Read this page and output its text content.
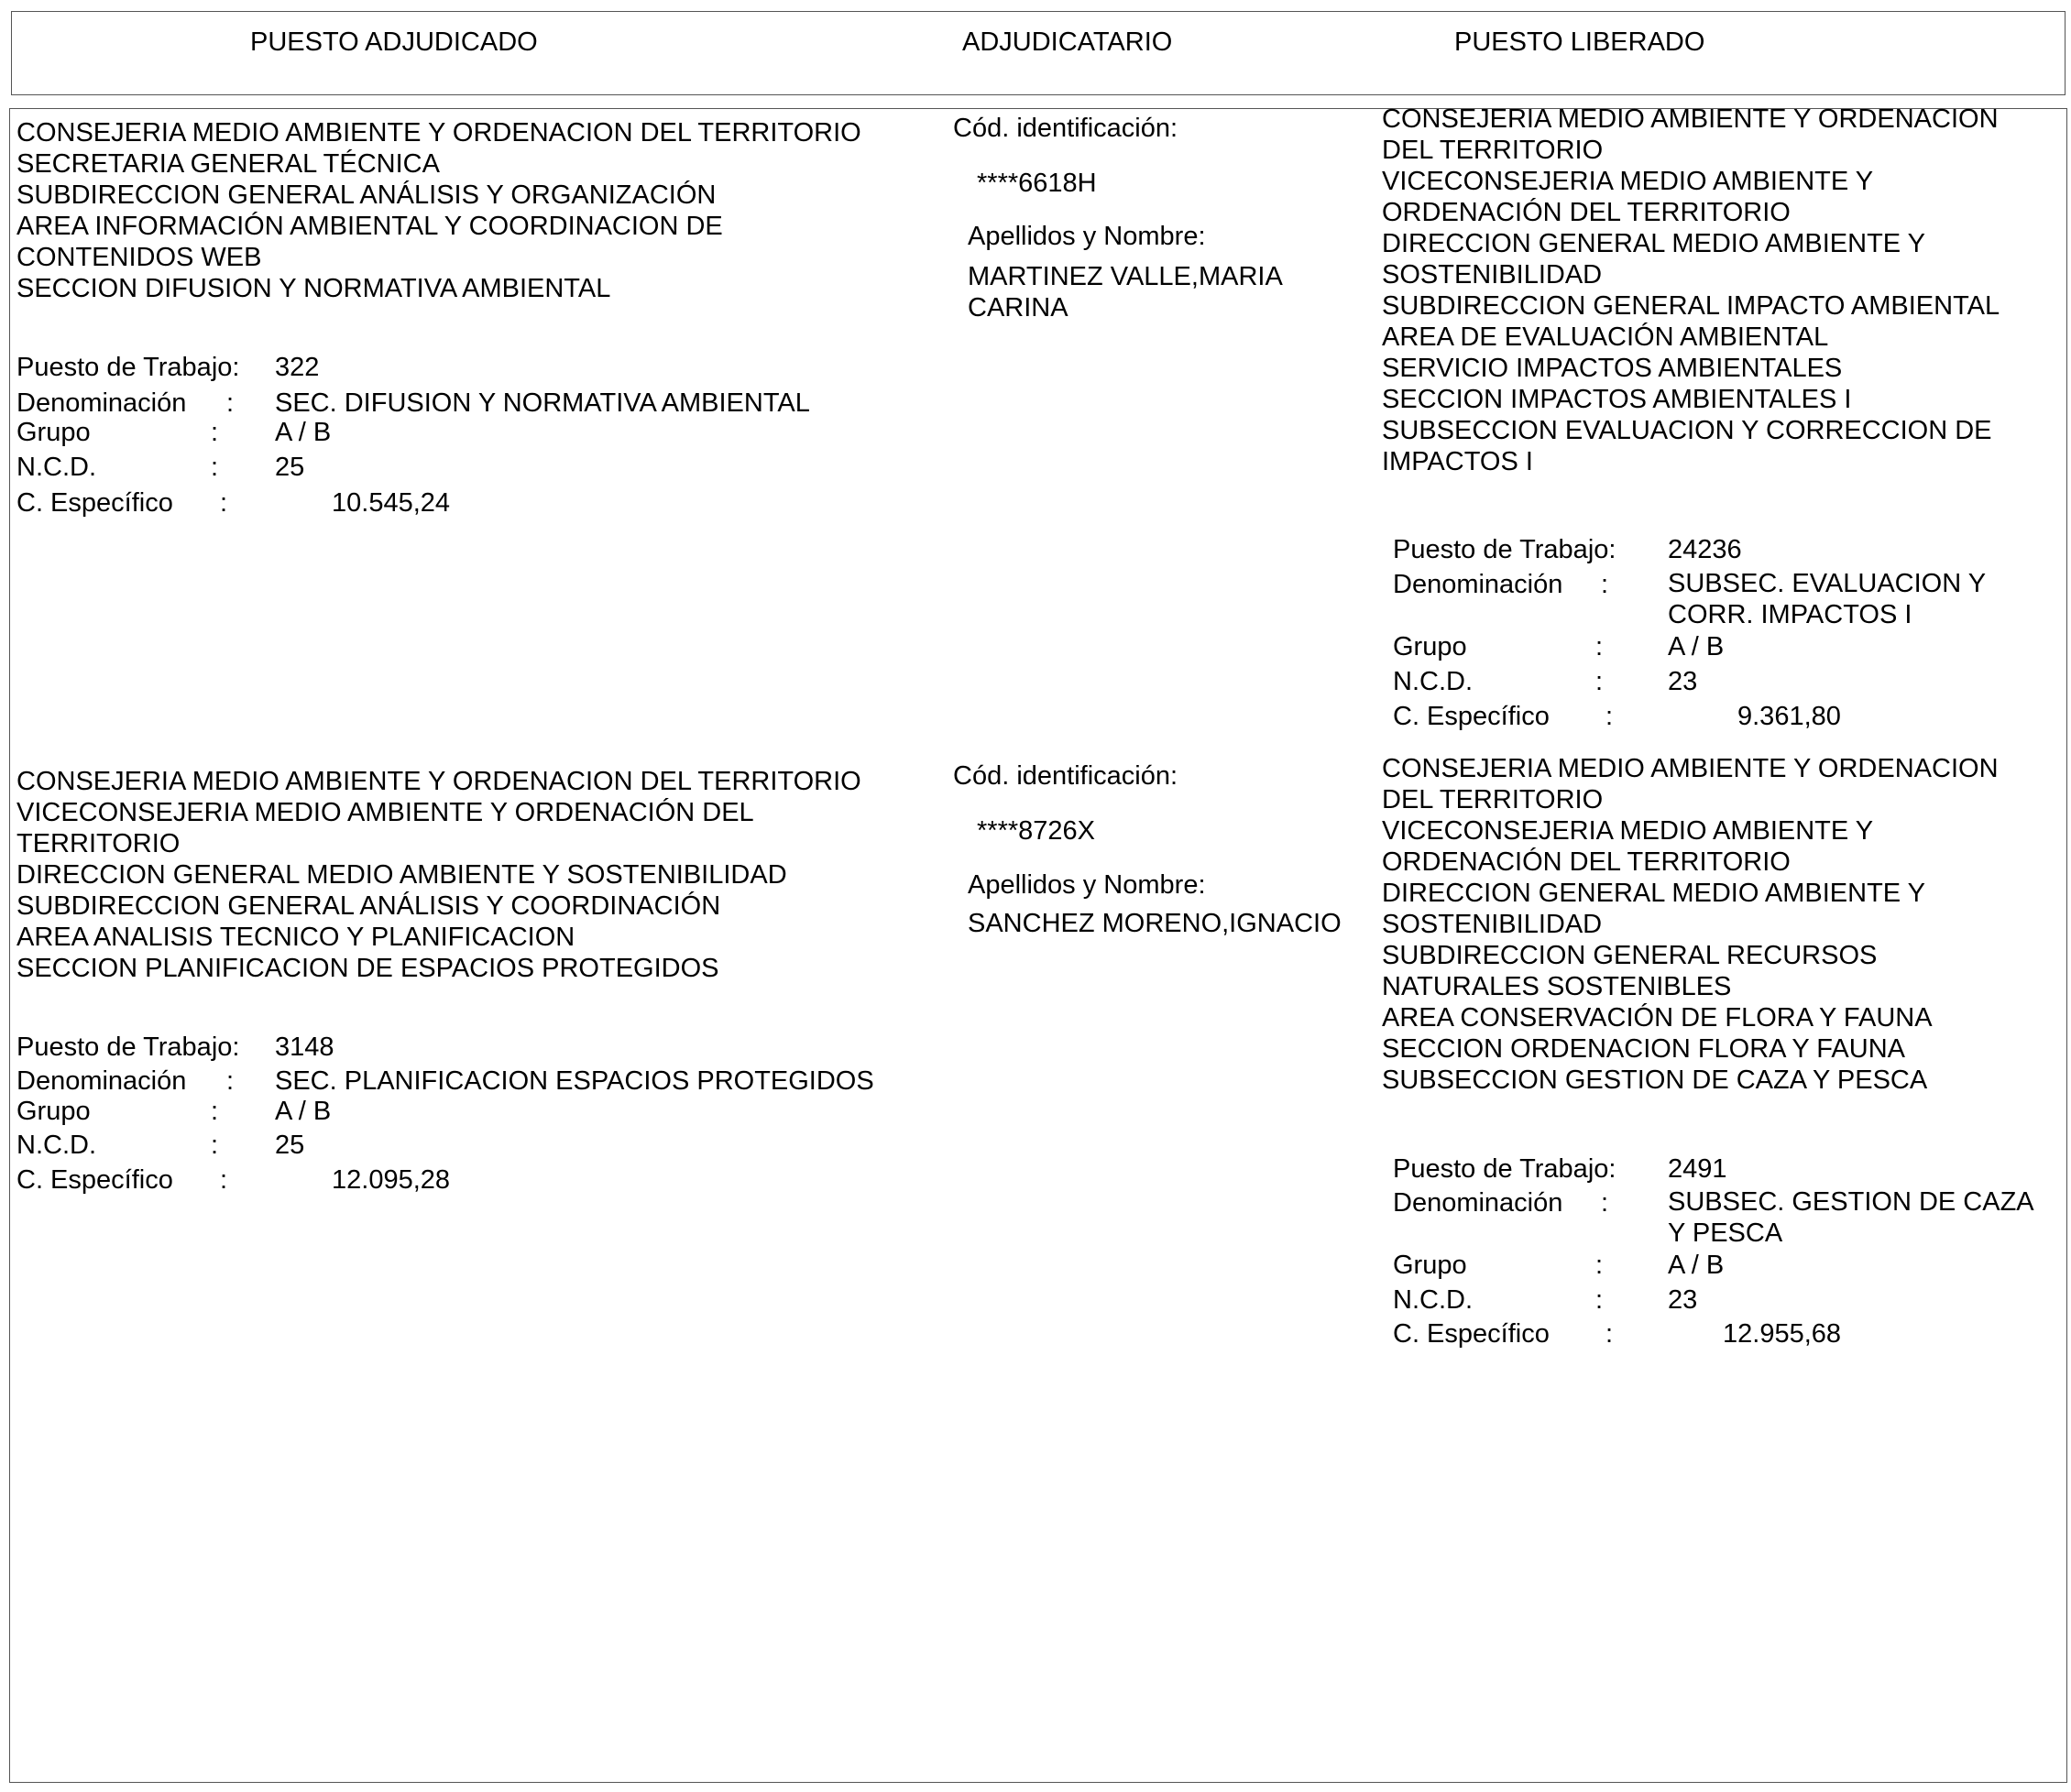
PUESTO ADJUDICADO	ADJUDICATARIO	PUESTO LIBERADO
CONSEJERIA MEDIO AMBIENTE Y ORDENACION DEL TERRITORIO
SECRETARIA GENERAL TÉCNICA
SUBDIRECCION GENERAL ANÁLISIS Y ORGANIZACIÓN
AREA INFORMACIÓN AMBIENTAL Y COORDINACION DE
CONTENIDOS WEB
SECCION DIFUSION Y NORMATIVA AMBIENTAL
Puesto de Trabajo: 322
Denominación : SEC. DIFUSION Y NORMATIVA AMBIENTAL
Grupo	: A / B
N.C.D.	: 25
C. Específico :	10.545,24
Cód. identificación:
****6618H
Apellidos y Nombre:
MARTINEZ VALLE,MARIA
CARINA
CONSEJERIA MEDIO AMBIENTE Y ORDENACION
DEL TERRITORIO
VICECONSEJERIA MEDIO AMBIENTE Y
ORDENACIÓN DEL TERRITORIO
DIRECCION GENERAL MEDIO AMBIENTE Y
SOSTENIBILIDAD
SUBDIRECCION GENERAL IMPACTO AMBIENTAL
AREA DE EVALUACIÓN AMBIENTAL
SERVICIO IMPACTOS AMBIENTALES
SECCION IMPACTOS AMBIENTALES I
SUBSECCION EVALUACION Y CORRECCION DE
IMPACTOS I
Puesto de Trabajo: 24236
Denominación : SUBSEC. EVALUACION Y
CORR. IMPACTOS I
Grupo	: A / B
N.C.D.	: 23
C. Específico :	9.361,80
CONSEJERIA MEDIO AMBIENTE Y ORDENACION DEL TERRITORIO
VICECONSEJERIA MEDIO AMBIENTE Y ORDENACIÓN DEL
TERRITORIO
DIRECCION GENERAL MEDIO AMBIENTE Y SOSTENIBILIDAD
SUBDIRECCION GENERAL ANÁLISIS Y COORDINACIÓN
AREA ANALISIS TECNICO Y PLANIFICACION
SECCION PLANIFICACION DE ESPACIOS PROTEGIDOS
Puesto de Trabajo: 3148
Denominación : SEC. PLANIFICACION ESPACIOS PROTEGIDOS
Grupo	: A / B
N.C.D.	: 25
C. Específico :	12.095,28
Cód. identificación:
****8726X
Apellidos y Nombre:
SANCHEZ MORENO,IGNACIO
CONSEJERIA MEDIO AMBIENTE Y ORDENACION
DEL TERRITORIO
VICECONSEJERIA MEDIO AMBIENTE Y
ORDENACIÓN DEL TERRITORIO
DIRECCION GENERAL MEDIO AMBIENTE Y
SOSTENIBILIDAD
SUBDIRECCION GENERAL RECURSOS
NATURALES SOSTENIBLES
AREA CONSERVACIÓN DE FLORA Y FAUNA
SECCION ORDENACION FLORA Y FAUNA
SUBSECCION GESTION DE CAZA Y PESCA
Puesto de Trabajo: 2491
Denominación : SUBSEC. GESTION DE CAZA
Y PESCA
Grupo	: A / B
N.C.D.	: 23
C. Específico :	12.955,68
